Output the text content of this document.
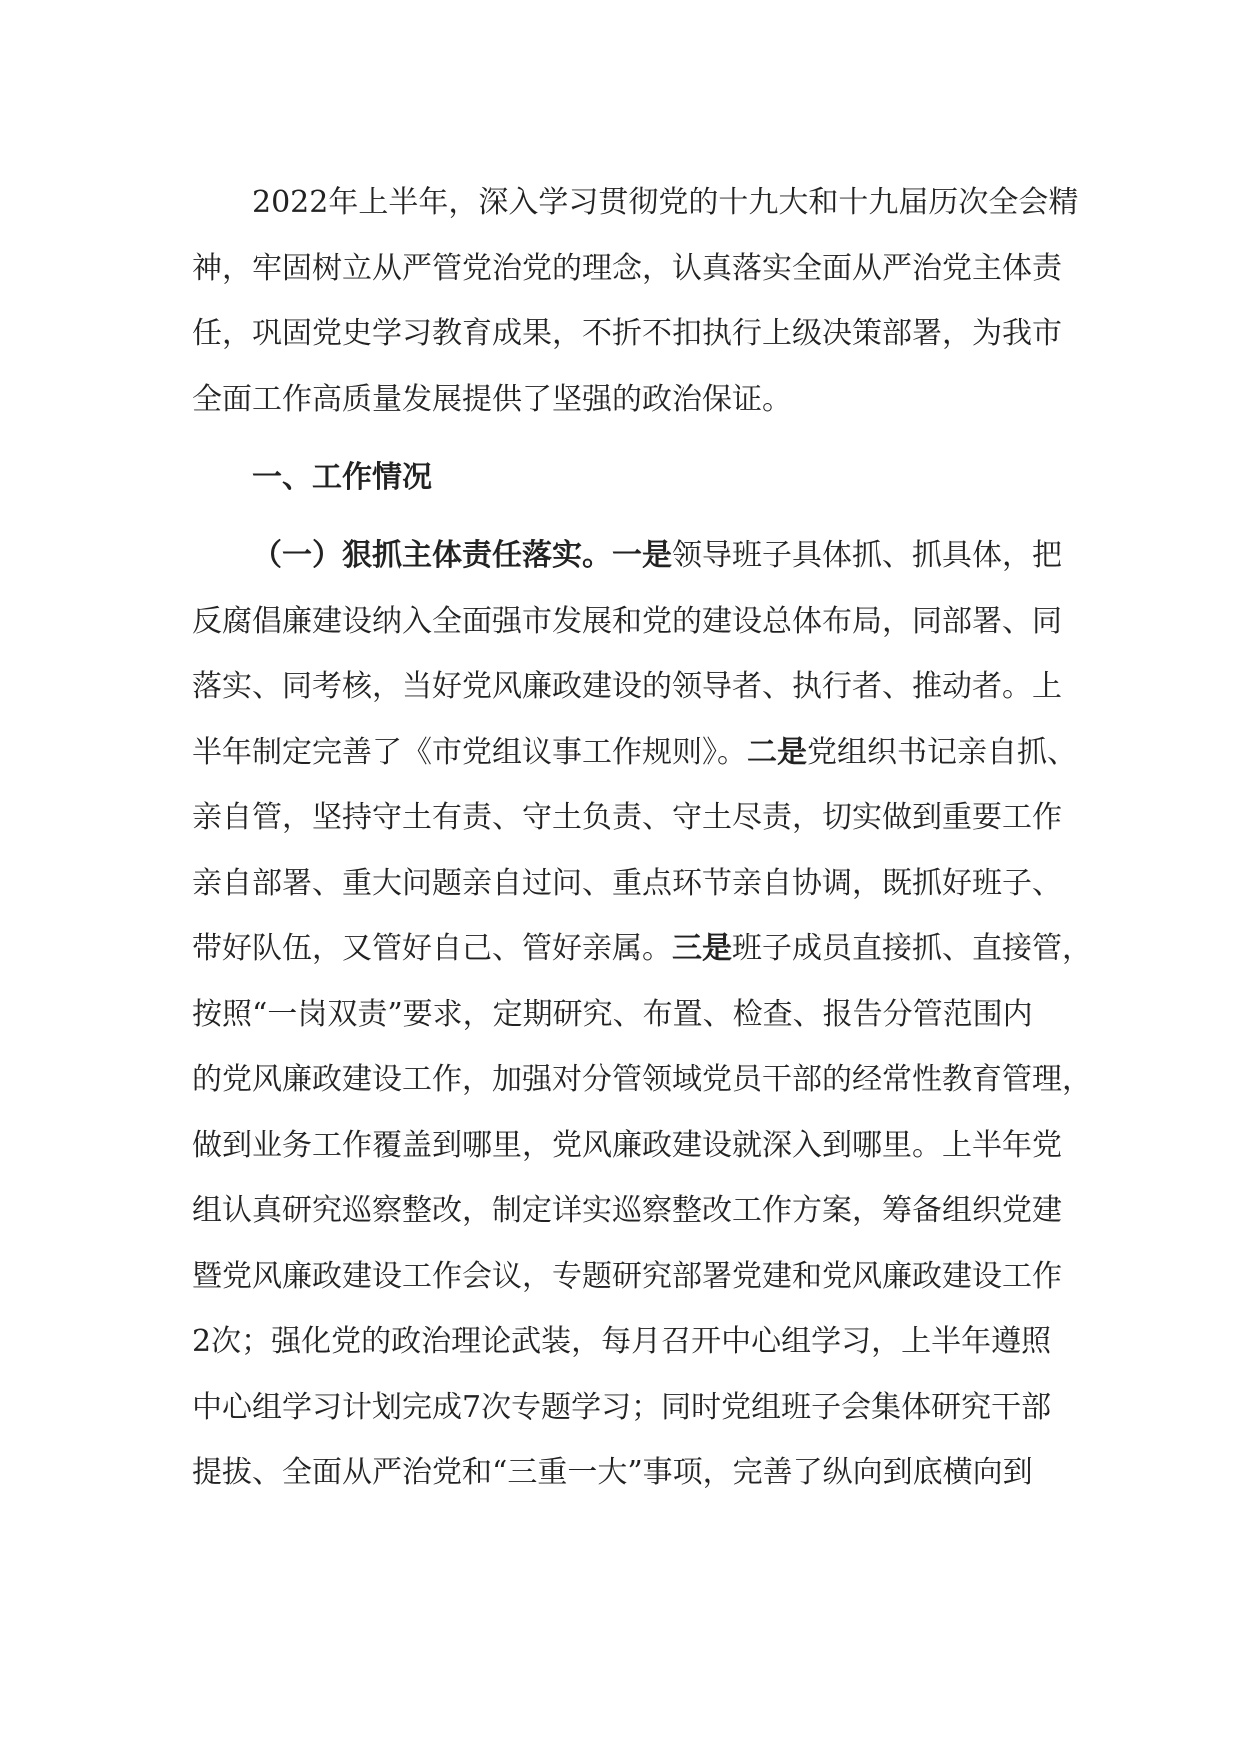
2022年上半年，深入学习贯彻党的十九大和十九届历次全会精
神，牢固树立从严管党治党的理念，认真落实全面从严治党主体责
任，巩固党史学习教育成果，不折不扣执行上级决策部署，为我市
全面工作高质量发展提供了坚强的政治保证。
一、工作情况
（一）狠抓主体责任落实。一是领导班子具体抓、抓具体，把
反腐倡廉建设纳入全面强市发展和党的建设总体布局，同部署、同
落实、同考核，当好党风廉政建设的领导者、执行者、推动者。上
半年制定完善了《市党组议事工作规则》。二是党组织书记亲自抓、
亲自管，坚持守土有责、守土负责、守土尽责，切实做到重要工作
亲自部署、重大问题亲自过问、重点环节亲自协调，既抓好班子、
带好队伍，又管好自己、管好亲属。三是班子成员直接抓、直接管，
按照“一岗双责”要求，定期研究、布置、检查、报告分管范围内
的党风廉政建设工作，加强对分管领域党员干部的经常性教育管理，
做到业务工作覆盖到哪里，党风廉政建设就深入到哪里。上半年党
组认真研究巡察整改，制定详实巡察整改工作方案，筹备组织党建
暨党风廉政建设工作会议，专题研究部署党建和党风廉政建设工作
2次；强化党的政治理论武装，每月召开中心组学习，上半年遵照
中心组学习计划完成7次专题学习；同时党组班子会集体研究干部
提拔、全面从严治党和“三重一大”事项，完善了纵向到底横向到
